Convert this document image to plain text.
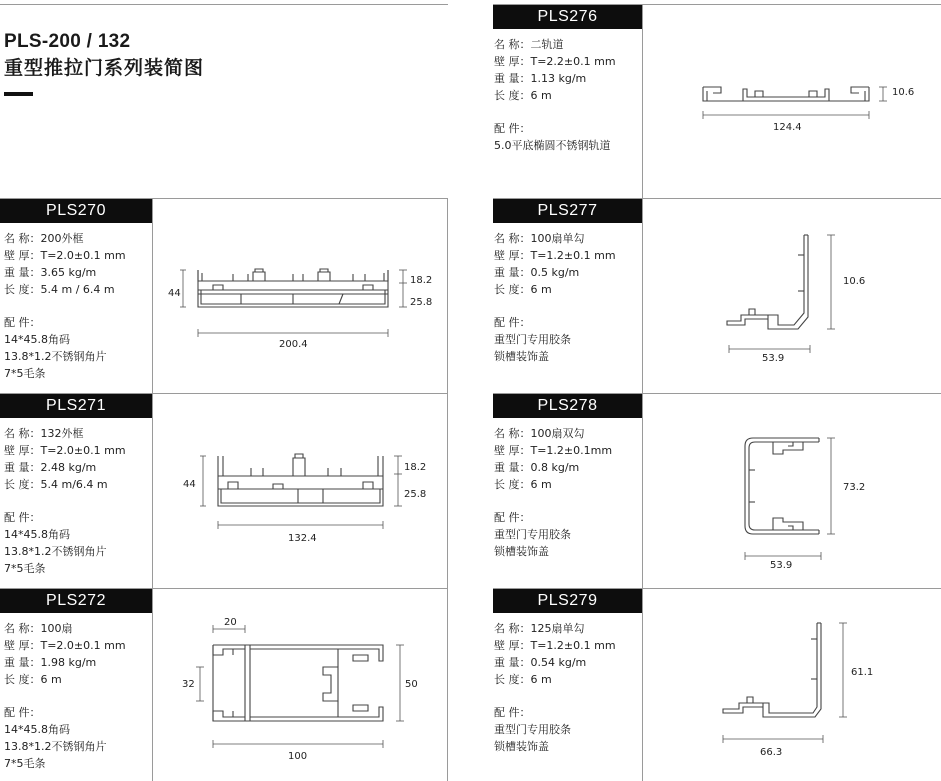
PLS-200 / 132
重型推拉门系列装简图
PLS270
名 称：200外框
壁 厚：T=2.0±0.1 mm
重 量：3.65 kg/m
长 度：5.4 m / 6.4 m
配 件：
14*45.8角码
13.8*1.2不锈钢角片
7*5毛条
44
200.4
18.2
25.8
PLS271
名 称：132外框
壁 厚：T=2.0±0.1 mm
重 量：2.48 kg/m
长 度：5.4 m/6.4 m
配 件：
14*45.8角码
13.8*1.2不锈钢角片
7*5毛条
44
132.4
18.2
25.8
PLS272
名 称：100扇
壁 厚：T=2.0±0.1 mm
重 量：1.98 kg/m
长 度：6 m
配 件：
14*45.8角码
13.8*1.2不锈钢角片
7*5毛条
32
100
50
20
PLS276
名 称：二轨道
壁 厚：T=2.2±0.1 mm
重 量：1.13 kg/m
长 度：6 m
配 件：
5.0平底椭圆不锈钢轨道
124.4
10.6
PLS277
名 称：100扇单勾
壁 厚：T=1.2±0.1 mm
重 量：0.5 kg/m
长 度：6 m
配 件：
重型门专用胶条
锁槽装饰盖	53.9
10.6
PLS278
名 称：100扇双勾
壁 厚：T=1.2±0.1mm
重 量：0.8 kg/m
长 度：6 m
配 件：
重型门专用胶条
锁槽装饰盖
53.9
73.2
PLS279
名 称：125扇单勾
壁 厚：T=1.2±0.1 mm
重 量：0.54 kg/m
长 度：6 m
配 件：
重型门专用胶条
锁槽装饰盖	66.3
61.1
